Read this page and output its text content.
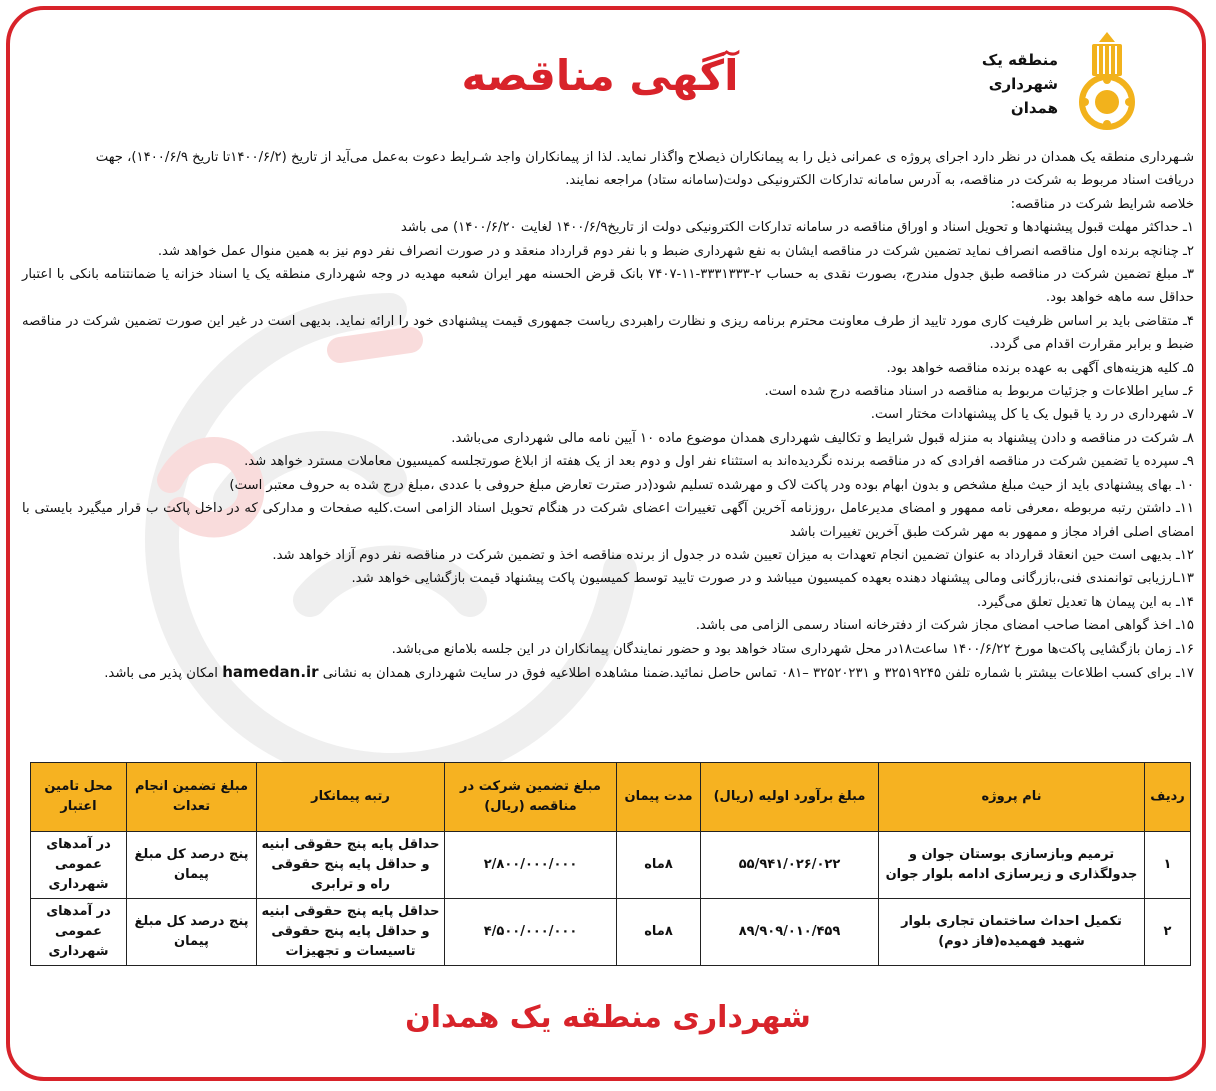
منطقه یک
شهرداری همدان
آگهی مناقصه

شـهرداری منطقه یک همدان در نظر دارد اجرای پروژه ی عمرانی ذیل را به پیمانکاران ذیصلاح واگذار نماید. لذا از پیمانکاران واجد شـرایط دعوت به‌عمل می‌آید از تاریخ (۱۴۰۰/۶/۲تا تاریخ ۱۴۰۰/۶/۹)، جهت

دریافت اسناد مربوط به شرکت در مناقصه، به آدرس سامانه تدارکات الکترونیکی دولت(سامانه ستاد) مراجعه نمایند.

خلاصه شرایط شرکت در مناقصه:

۱ـ حداکثر مهلت قبول پیشنهادها و تحویل اسناد و اوراق مناقصه در سامانه تدارکات الکترونیکی دولت از تاریخ۱۴۰۰/۶/۹ لغایت ۱۴۰۰/۶/۲۰) می باشد

۲ـ چنانچه برنده اول مناقصه انصراف نماید تضمین شرکت در مناقصه ایشان به نفع شهرداری ضبط و با نفر دوم قرارداد منعقد و در صورت انصراف نفر دوم نیز به همین منوال عمل خواهد شد.

۳ـ مبلغ تضمین شرکت در مناقصه طبق جدول مندرج، بصورت نقدی به حساب ۲-۳۳۳۱۳۳۳-۱۱-۷۴۰۷ بانک قرض الحسنه مهر ایران شعبه مهدیه در وجه شهرداری منطقه یک یا اسناد خزانه یا ضمانتنامه بانکی با اعتبار حداقل سه ماهه خواهد بود.

۴ـ متقاضی باید بر اساس ظرفیت کاری مورد تایید از طرف معاونت محترم برنامه ریزی و نظارت راهبردی ریاست جمهوری قیمت پیشنهادی خود را ارائه نماید. بدیهی است در غیر این صورت تضمین شرکت در مناقصه ضبط و برابر مقرارت اقدام می گردد.

۵ـ کلیه هزینه‌های آگهی به عهده برنده مناقصه خواهد بود.

۶ـ سایر اطلاعات و جزئیات مربوط به مناقصه در اسناد مناقصه درج شده است.

۷ـ شهرداری در رد یا قبول یک یا کل پیشنهادات مختار است.

۸ـ شرکت در مناقصه و دادن پیشنهاد به منزله قبول شرایط و تکالیف شهرداری همدان موضوع ماده ۱۰ آیین نامه مالی شهرداری می‌باشد.

۹ـ سپرده یا تضمین شرکت در مناقصه افرادی که در مناقصه برنده نگردیده‌اند به استثناء نفر اول و دوم بعد از یک هفته از ابلاغ صورتجلسه کمیسیون معاملات مسترد خواهد شد.

۱۰ـ بهای پیشنهادی باید از حیث مبلغ مشخص و بدون ابهام بوده ودر پاکت لاک و مهرشده تسلیم شود(در صترت تعارض مبلغ حروفی با عددی ،مبلغ درج شده به حروف معتبر است)

۱۱ـ داشتن رتبه مربوطه ،معرفی نامه ممهور و امضای مدیرعامل ،روزنامه آخرین آگهی تغییرات اعضای شرکت در هنگام تحویل اسناد الزامی است.کلیه صفحات و مدارکی که در داخل پاکت ب قرار میگیرد بایستی با امضای اصلی افراد مجاز و ممهور به مهر شرکت طبق آخرین تغییرات باشد

۱۲ـ بدیهی است حین انعقاد قرارداد به عنوان تضمین انجام تعهدات به میزان تعیین شده در جدول از برنده مناقصه اخذ و تضمین شرکت در مناقصه نفر دوم آزاد خواهد شد.

۱۳ـارزیابی توانمندی فنی،بازرگانی ومالی پیشنهاد دهنده بعهده کمیسیون میباشد و در صورت تایید توسط کمیسیون پاکت پیشنهاد قیمت بازگشایی خواهد شد.

۱۴ـ به این پیمان ها تعدیل تعلق می‌گیرد.

۱۵ـ اخذ گواهی امضا صاحب امضای مجاز شرکت از دفترخانه اسناد رسمی الزامی می باشد.

۱۶ـ زمان بازگشایی پاکت‌ها مورخ ۱۴۰۰/۶/۲۲ ساعت۱۸در محل شهرداری ستاد خواهد بود و حضور نمایندگان پیمانکاران در این جلسه بلامانع می‌باشد.

۱۷ـ برای کسب اطلاعات بیشتر با شماره تلفن ۳۲۵۱۹۲۴۵ و ۳۲۵۲۰۲۳۱ –۰۸۱ تماس حاصل نمائید.ضمنا مشاهده اطلاعیه فوق در سایت شهرداری همدان به نشانی hamedan.ir امکان پذیر می باشد.

ردیف	نام پروژه	مبلغ برآورد اولیه (ریال)	مدت پیمان	مبلغ تضمین شرکت در مناقصه (ریال)	رتبه پیمانکار	مبلغ تضمین انجام تعدات	محل تامین اعتبار
۱	ترمیم وبازسازی بوستان جوان و جدولگذاری و زیرسازی ادامه بلوار جوان	۵۵/۹۴۱/۰۲۶/۰۲۲	۸ماه	۲/۸۰۰/۰۰۰/۰۰۰	حداقل پایه پنج حقوقی ابنیه و حداقل پایه پنج حقوقی راه و ترابری	پنج درصد کل مبلغ پیمان	در آمدهای عمومی شهرداری
۲	تکمیل احداث ساختمان تجاری بلوار شهید فهمیده(فاز دوم)	۸۹/۹۰۹/۰۱۰/۴۵۹	۸ماه	۴/۵۰۰/۰۰۰/۰۰۰	حداقل پایه پنج حقوقی ابنیه و حداقل پایه پنج حقوقی تاسیسات و تجهیزات	پنج درصد کل مبلغ پیمان	در آمدهای عمومی شهرداری
شهرداری منطقه یک همدان
